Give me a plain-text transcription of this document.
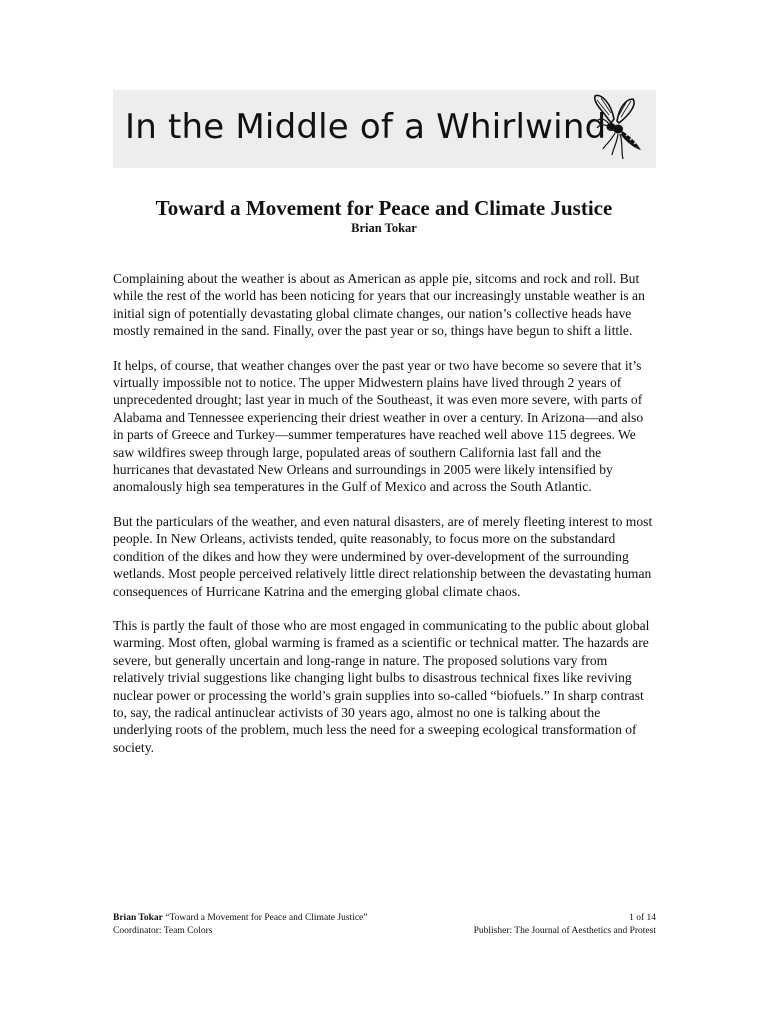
In the Middle of a Whirlwind
Toward a Movement for Peace and Climate Justice
Brian Tokar

Complaining about the weather is about as American as apple pie, sitcoms and rock and roll. But while the rest of the world has been noticing for years that our increasingly unstable weather is an initial sign of potentially devastating global climate changes, our nation’s collective heads have mostly remained in the sand. Finally, over the past year or so, things have begun to shift a little.

It helps, of course, that weather changes over the past year or two have become so severe that it’s virtually impossible not to notice. The upper Midwestern plains have lived through 2 years of unprecedented drought; last year in much of the Southeast, it was even more severe, with parts of Alabama and Tennessee experiencing their driest weather in over a century. In Arizona—and also in parts of Greece and Turkey—summer temperatures have reached well above 115 degrees. We saw wildfires sweep through large, populated areas of southern California last fall and the hurricanes that devastated New Orleans and surroundings in 2005 were likely intensified by anomalously high sea temperatures in the Gulf of Mexico and across the South Atlantic.

But the particulars of the weather, and even natural disasters, are of merely fleeting interest to most people. In New Orleans, activists tended, quite reasonably, to focus more on the substandard condition of the dikes and how they were undermined by over-development of the surrounding wetlands. Most people perceived relatively little direct relationship between the devastating human consequences of Hurricane Katrina and the emerging global climate chaos.

This is partly the fault of those who are most engaged in communicating to the public about global warming. Most often, global warming is framed as a scientific or technical matter. The hazards are severe, but generally uncertain and long-range in nature. The proposed solutions vary from relatively trivial suggestions like changing light bulbs to disastrous technical fixes like reviving nuclear power or processing the world’s grain supplies into so-called “biofuels.” In sharp contrast to, say, the radical antinuclear activists of 30 years ago, almost no one is talking about the underlying roots of the problem, much less the need for a sweeping ecological transformation of society.

Brian Tokar “Toward a Movement for Peace and Climate Justice”	1 of 14
Coordinator: Team Colors	Publisher: The Journal of Aesthetics and Protest
